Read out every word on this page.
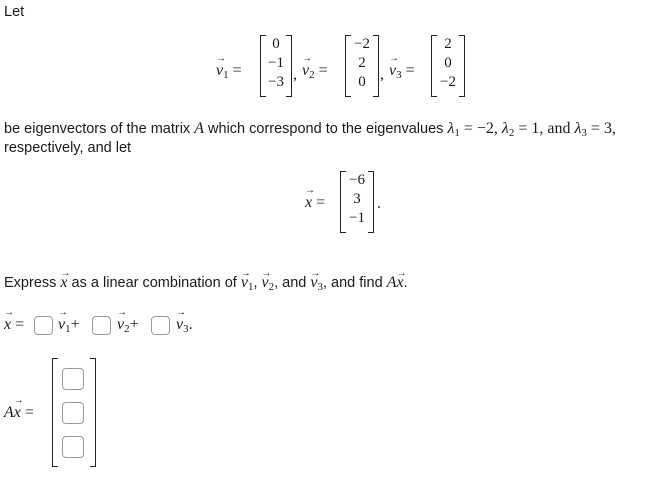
Let
→ $v_1$ =
0
−1
−3 ,
→ $v_2$ =
−2
2
0 ,
→ $v_3$ =
2
0
−2
be eigenvectors of the matrix A which correspond to the eigenvalues $\lambda_1 = -2$, $\lambda_2 = 1$, and $\lambda_3 = 3$,
respectively, and let
→ x =
−6
3
−1
.
Express → x as a linear combination of → $v_1$, → $v_2$, and → $v_3$, and find A→ x.
→ x =
→ $v_1+$
→ $v_2+$
→ $v_3$.
A→ x =
